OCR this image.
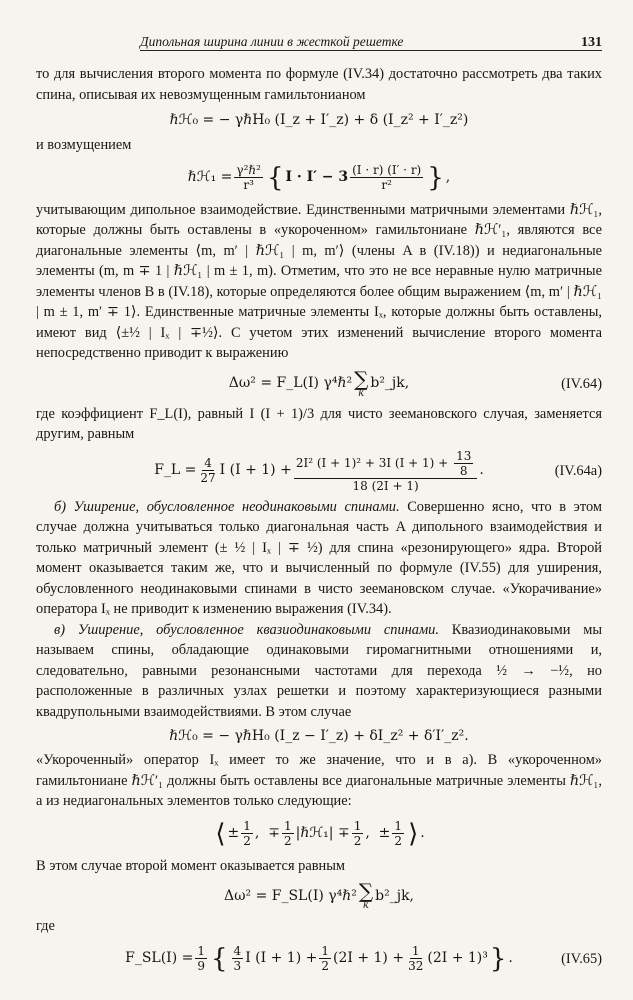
Дипольная ширина линии в жесткой решетке	131

то для вычисления второго момента по формуле (IV.34) достаточно рассмотреть два таких спина, описывая их невозмущенным гамильтонианом

ℏℋ₀ = − γℏH₀ (I_z + I′_z) + δ (I_z² + I′_z²)

и возмущением

ℏℋ₁ = $\frac{\text{γ²ℏ²}}{\text{r³}}$ { $I \cdot I' - 3 \frac{(I \cdot r) (I' \cdot r)}{\text{r²}}$ } ,

учитывающим дипольное взаимодействие. Единственными матричными элементами ℏℋ₁, которые должны быть оставлены в «укороченном» гамильтониане ℏℋ′₁, являются все диагональные элементы ⟨m, m′ | ℏℋ₁ | m, m′⟩ (члены A в (IV.18)) и недиагональные элементы (m, m ∓ 1 | ℏℋ₁ | m ± 1, m). Отметим, что это не все неравные нулю матричные элементы членов B в (IV.18), которые определяются более общим выражением ⟨m, m′ | ℏℋ₁ | m ± 1, m′ ∓ 1⟩. Единственные матричные элементы Iₓ, которые должны быть оставлены, имеют вид ⟨±½ | Iₓ | ∓½⟩. С учетом этих изменений вычисление второго момента непосредственно приводит к выражению

Δω² = F_L(I) γ⁴ℏ² ∑
k
b²_jk,	(IV.64)

где коэффициент F_L(I), равный I (I + 1)/3 для чисто зеемановского случая, заменяется другим, равным

F_L = $\frac{4}{27}$ I (I + 1) + 2I² (I + 1)² + 3I $(I + 1) + \frac{13}{8}$
18 (2I + 1)
.	(IV.64a)

б) Уширение, обусловленное неодинаковыми спинами. Совершенно ясно, что в этом случае должна учитываться только диагональная часть A дипольного взаимодействия и только матричный элемент (± ½ | Iₓ | ∓ ½) для спина «резонирующего» ядра. Второй момент оказывается таким же, что и вычисленный по формуле (IV.55) для уширения, обусловленного неодинаковыми спинами в чисто зеемановском случае. «Укорачивание» оператора Iₓ не приводит к изменению выражения (IV.34).

в) Уширение, обусловленное квазиодинаковыми спинами. Квазиодинаковыми мы называем спины, обладающие одинаковыми гиромагнитными отношениями и, следовательно, равными резонансными частотами для перехода ½ → −½, но расположенные в различных узлах решетки и поэтому характеризующиеся разными квадрупольными взаимодействиями. В этом случае

ℏℋ₀ = − γℏH₀ (I_z − I′_z) + δI_z² + δ′I′_z².

«Укороченный» оператор Iₓ имеет то же значение, что и в а). В «укороченном» гамильтониане ℏℋ′₁ должны быть оставлены все диагональные матричные элементы ℏℋ₁, а из недиагональных элементов только следующие:

⟨ ± $\frac{1}{2}$ ,  ∓ $\frac{1}{2}$ | ℏℋ₁ | ∓ $\frac{1}{2}$ ,  ± $\frac{1}{2}$ ⟩ .

В этом случае второй момент оказывается равным

Δω² = F_SL(I) γ⁴ℏ² ∑
k
b²_jk,

где

F_SL(I) = $\frac{1}{9}$ { $\frac{4}{3}$ I $(I + 1) + \frac{1}{2} (2I + 1) + \frac{1}{32} (2I + 1)^3$ } .	(IV.65)
